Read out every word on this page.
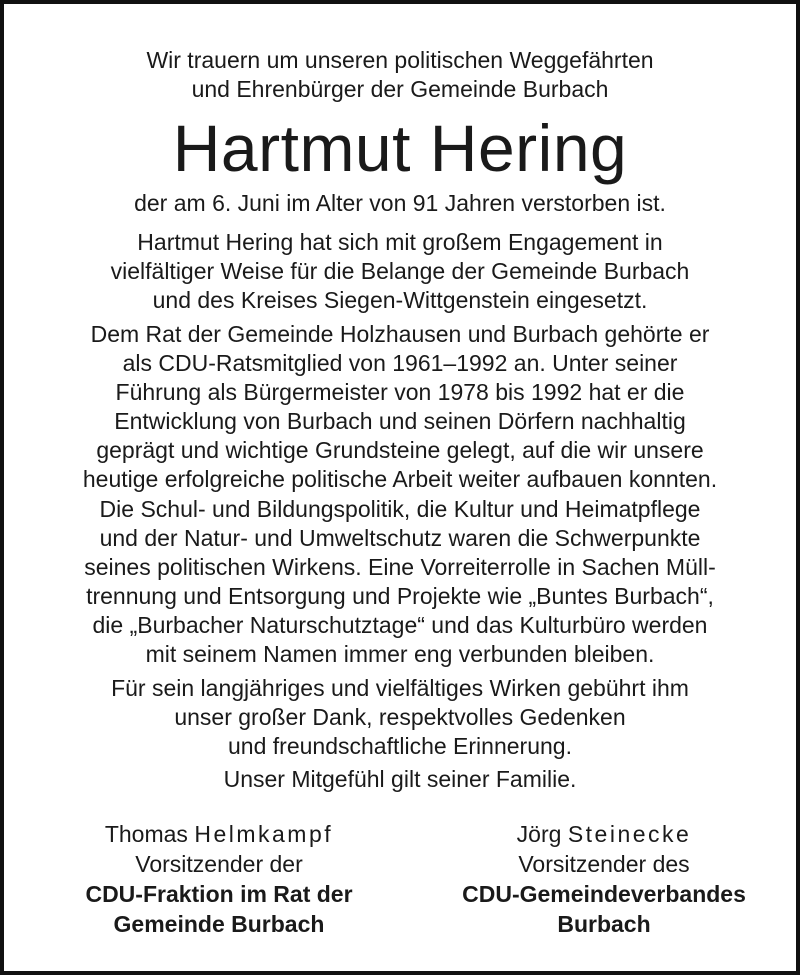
Wir trauern um unseren politischen Weggefährten
und Ehrenbürger der Gemeinde Burbach
Hartmut Hering
der am 6. Juni im Alter von 91 Jahren verstorben ist.
Hartmut Hering hat sich mit großem Engagement in
vielfältiger Weise für die Belange der Gemeinde Burbach
und des Kreises Siegen-Wittgenstein eingesetzt.
Dem Rat der Gemeinde Holzhausen und Burbach gehörte er
als CDU-Ratsmitglied von 1961–1992 an. Unter seiner
Führung als Bürgermeister von 1978 bis 1992 hat er die
Entwicklung von Burbach und seinen Dörfern nachhaltig
geprägt und wichtige Grundsteine gelegt, auf die wir unsere
heutige erfolgreiche politische Arbeit weiter aufbauen konnten.
Die Schul- und Bildungspolitik, die Kultur und Heimatpflege
und der Natur- und Umweltschutz waren die Schwerpunkte
seines politischen Wirkens. Eine Vorreiterrolle in Sachen Müll-
trennung und Entsorgung und Projekte wie „Buntes Burbach“,
die „Burbacher Naturschutztage“ und das Kulturbüro werden
mit seinem Namen immer eng verbunden bleiben.
Für sein langjähriges und vielfältiges Wirken gebührt ihm
unser großer Dank, respektvolles Gedenken
und freundschaftliche Erinnerung.
Unser Mitgefühl gilt seiner Familie.
Thomas Helmkampf
Vorsitzender der
CDU-Fraktion im Rat der
Gemeinde Burbach
Jörg Steinecke
Vorsitzender des
CDU-Gemeindeverbandes
Burbach
